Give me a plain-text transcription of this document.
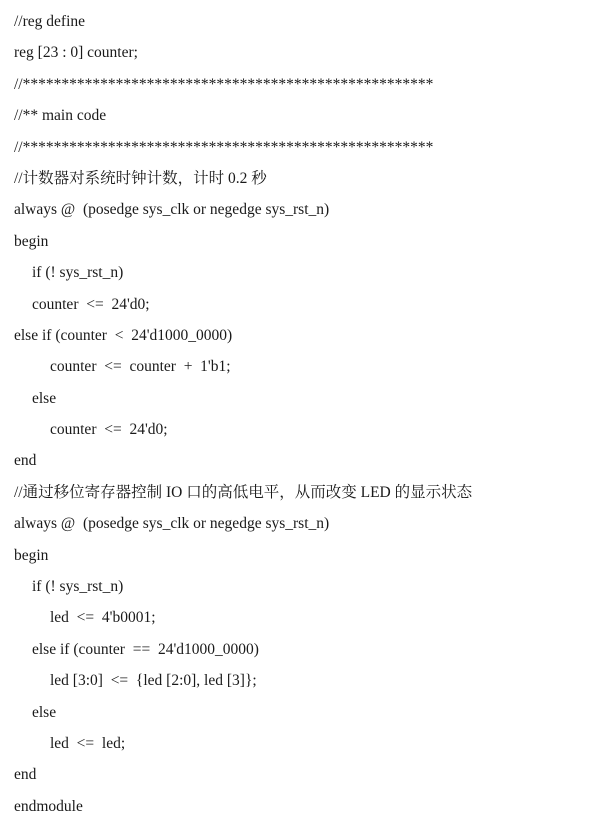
//reg define
reg [23 : 0] counter;
//*****************************************************
//** main code
//*****************************************************
//计数器对系统时钟计数，计时 0.2 秒
always @  (posedge sys_clk or negedge sys_rst_n)
begin
if (! sys_rst_n)
counter  <=  24'd0;
else if (counter  <  24'd1000_0000)
counter  <=  counter  +  1'b1;
else
counter  <=  24'd0;
end
//通过移位寄存器控制 IO 口的高低电平，从而改变 LED 的显示状态
always @  (posedge sys_clk or negedge sys_rst_n)
begin
if (! sys_rst_n)
led  <=  4'b0001;
else if (counter  ==  24'd1000_0000)
led [3:0]  <=  {led [2:0], led [3]};
else
led  <=  led;
end
endmodule
